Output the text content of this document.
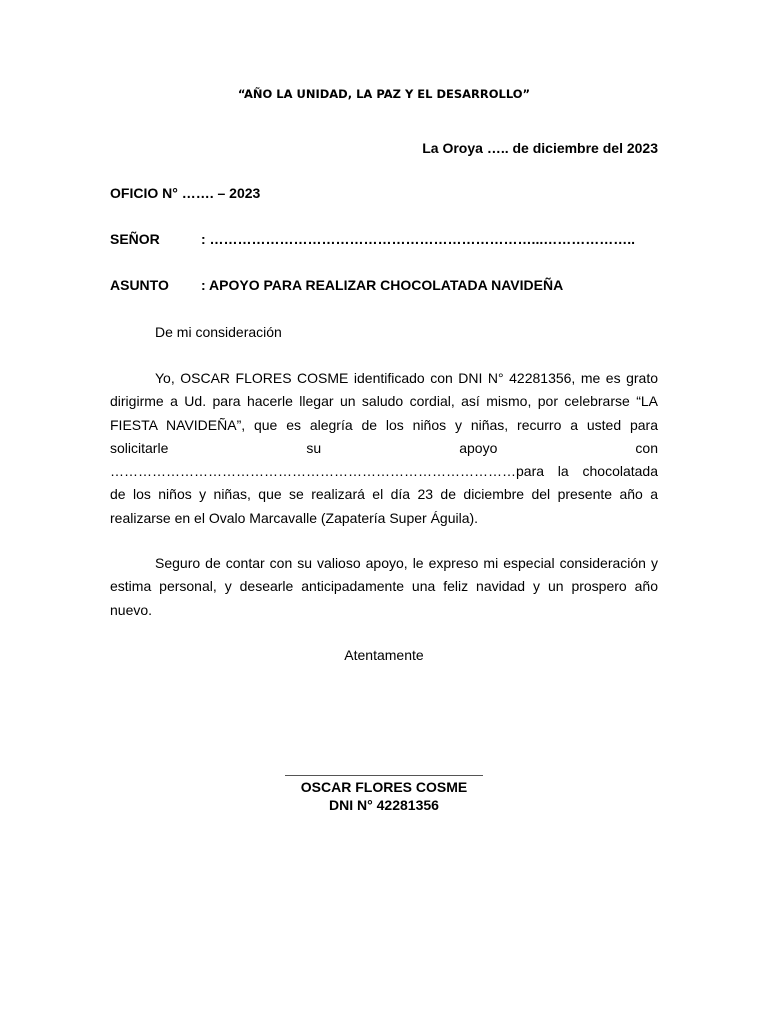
“AÑO LA UNIDAD, LA PAZ Y EL DESARROLLO”
La Oroya ….. de diciembre del 2023
OFICIO N° ……. – 2023
SEÑOR	: ……………………………………………………………...………………..
ASUNTO : APOYO PARA REALIZAR CHOCOLATADA NAVIDEÑA
De mi consideración
Yo, OSCAR FLORES COSME identificado con DNI N° 42281356, me es grato
dirigirme a Ud. para hacerle llegar un saludo cordial, así mismo, por celebrarse “LA
FIESTA NAVIDEÑA”, que es alegría de los niños y niñas, recurro a usted para
solicitarle su apoyo con
……………………………………………………………………………para la chocolatada
de los niños y niñas, que se realizará el día 23 de diciembre del presente año a
realizarse en el Ovalo Marcavalle (Zapatería Super Águila).
Seguro de contar con su valioso apoyo, le expreso mi especial consideración y
estima personal, y desearle anticipadamente una feliz navidad y un prospero año
nuevo.
Atentamente
OSCAR FLORES COSME
DNI N° 42281356
